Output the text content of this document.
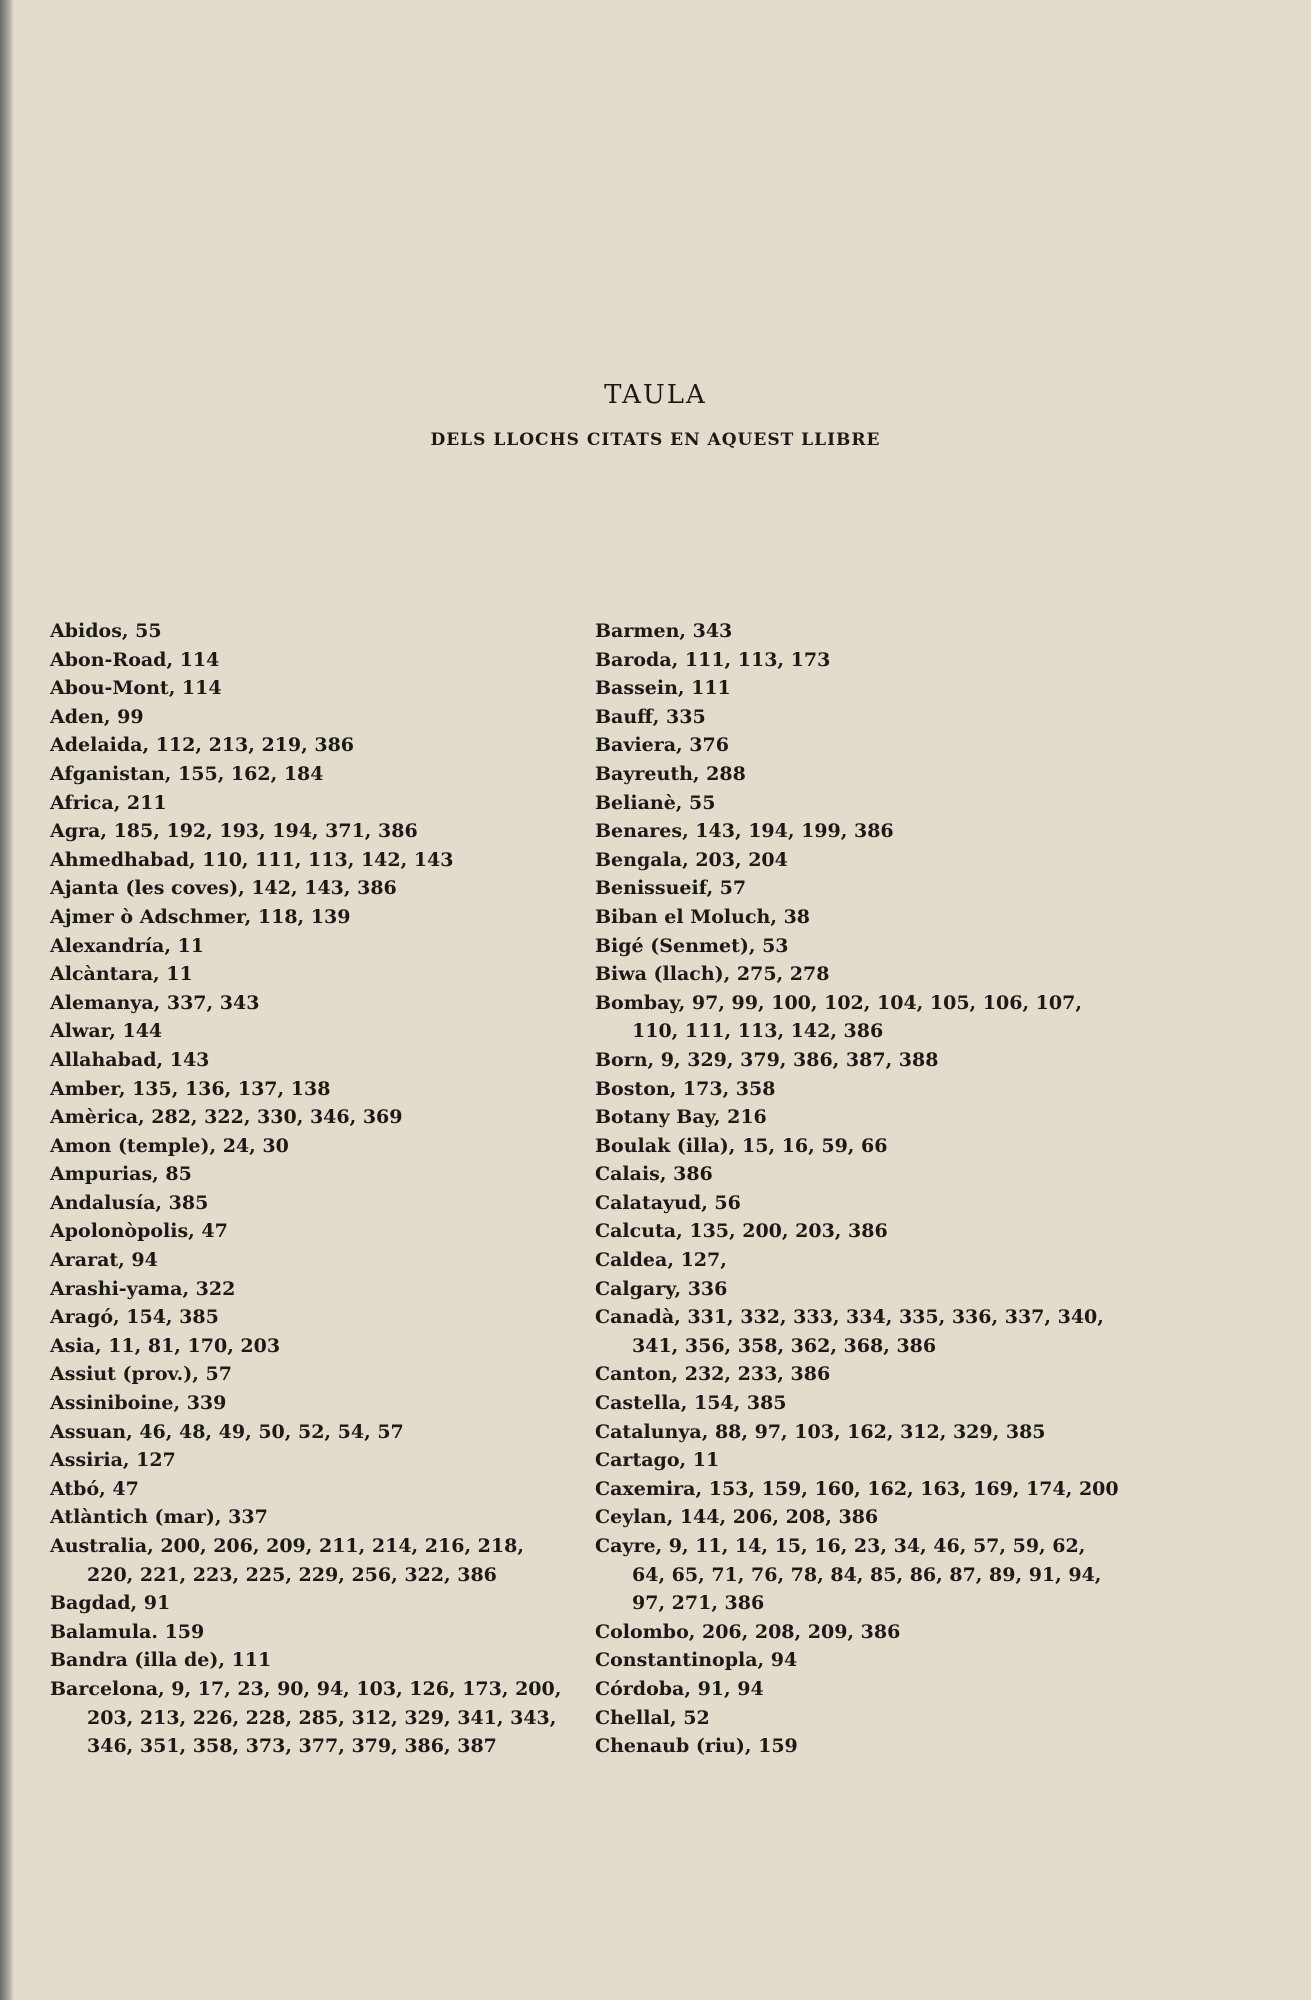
TAULA
DELS LLOCHS CITATS EN AQUEST LLIBRE
Abidos, 55
Abon-Road, 114
Abou-Mont, 114
Aden, 99
Adelaida, 112, 213, 219, 386
Afganistan, 155, 162, 184
Africa, 211
Agra, 185, 192, 193, 194, 371, 386
Ahmedhabad, 110, 111, 113, 142, 143
Ajanta (les coves), 142, 143, 386
Ajmer ò Adschmer, 118, 139
Alexandría, 11
Alcàntara, 11
Alemanya, 337, 343
Alwar, 144
Allahabad, 143
Amber, 135, 136, 137, 138
Amèrica, 282, 322, 330, 346, 369
Amon (temple), 24, 30
Ampurias, 85
Andalusía, 385
Apolonòpolis, 47
Ararat, 94
Arashi-yama, 322
Aragó, 154, 385
Asia, 11, 81, 170, 203
Assiut (prov.), 57
Assiniboine, 339
Assuan, 46, 48, 49, 50, 52, 54, 57
Assiria, 127
Atbó, 47
Atlàntich (mar), 337
Australia, 200, 206, 209, 211, 214, 216, 218, 220, 221, 223, 225, 229, 256, 322, 386
Bagdad, 91
Balamula. 159
Bandra (illa de), 111
Barcelona, 9, 17, 23, 90, 94, 103, 126, 173, 200, 203, 213, 226, 228, 285, 312, 329, 341, 343, 346, 351, 358, 373, 377, 379, 386, 387
Barmen, 343
Baroda, 111, 113, 173
Bassein, 111
Bauff, 335
Baviera, 376
Bayreuth, 288
Belianè, 55
Benares, 143, 194, 199, 386
Bengala, 203, 204
Benissueif, 57
Biban el Moluch, 38
Bigé (Senmet), 53
Biwa (llach), 275, 278
Bombay, 97, 99, 100, 102, 104, 105, 106, 107, 110, 111, 113, 142, 386
Born, 9, 329, 379, 386, 387, 388
Boston, 173, 358
Botany Bay, 216
Boulak (illa), 15, 16, 59, 66
Calais, 386
Calatayud, 56
Calcuta, 135, 200, 203, 386
Caldea, 127,
Calgary, 336
Canadà, 331, 332, 333, 334, 335, 336, 337, 340, 341, 356, 358, 362, 368, 386
Canton, 232, 233, 386
Castella, 154, 385
Catalunya, 88, 97, 103, 162, 312, 329, 385
Cartago, 11
Caxemira, 153, 159, 160, 162, 163, 169, 174, 200
Ceylan, 144, 206, 208, 386
Cayre, 9, 11, 14, 15, 16, 23, 34, 46, 57, 59, 62, 64, 65, 71, 76, 78, 84, 85, 86, 87, 89, 91, 94, 97, 271, 386
Colombo, 206, 208, 209, 386
Constantinopla, 94
Córdoba, 91, 94
Chellal, 52
Chenaub (riu), 159
